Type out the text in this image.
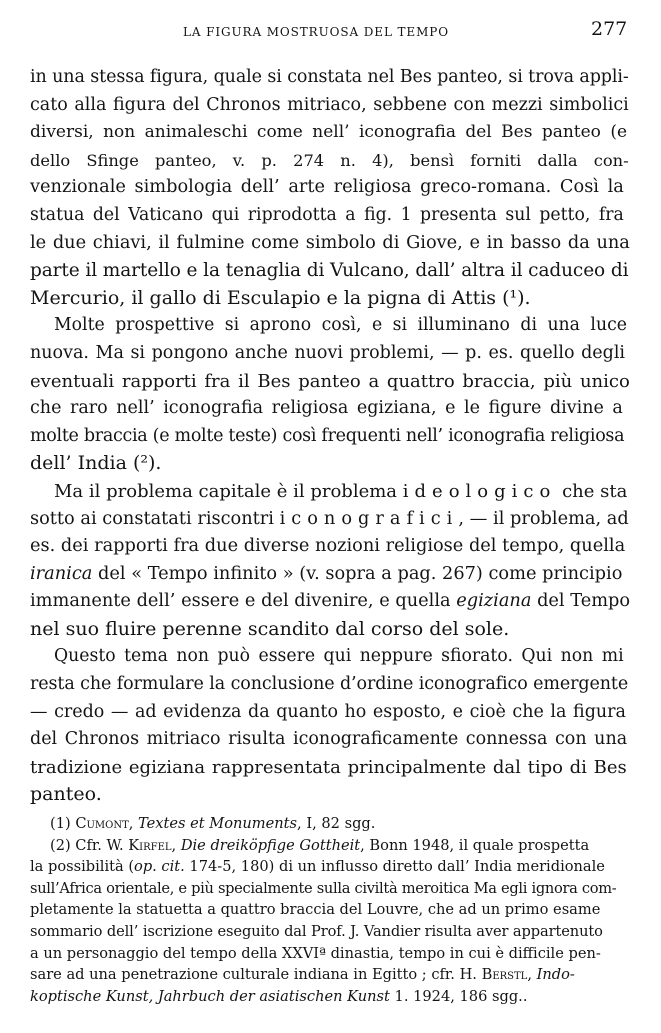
LA FIGURA MOSTRUOSA DEL TEMPO	277
in una stessa figura, quale si constata nel Bes panteo, si trova appli-
cato alla figura del Chronos mitriaco, sebbene con mezzi simbolici
diversi, non animaleschi come nell’ iconografia del Bes panteo (e
dello Sfinge panteo, v. p. 274 n. 4), bensì forniti dalla con-
venzionale simbologia dell’ arte religiosa greco-romana. Così la
statua del Vaticano qui riprodotta a fig. 1 presenta sul petto, fra
le due chiavi, il fulmine come simbolo di Giove, e in basso da una
parte il martello e la tenaglia di Vulcano, dall’ altra il caduceo di
Mercurio, il gallo di Esculapio e la pigna di Attis (¹).
Molte prospettive si aprono così, e si illuminano di una luce
nuova. Ma si pongono anche nuovi problemi, — p. es. quello degli
eventuali rapporti fra il Bes panteo a quattro braccia, più unico
che raro nell’ iconografia religiosa egiziana, e le figure divine a
molte braccia (e molte teste) così frequenti nell’ iconografia religiosa
dell’ India (²).
Ma il problema capitale è il problema ideologico che sta
sotto ai constatati riscontri iconografici, — il problema, ad
es. dei rapporti fra due diverse nozioni religiose del tempo, quella
iranica del « Tempo infinito » (v. sopra a pag. 267) come principio
immanente dell’ essere e del divenire, e quella egiziana del Tempo
nel suo fluire perenne scandito dal corso del sole.
Questo tema non può essere qui neppure sfiorato. Qui non mi
resta che formulare la conclusione d’ordine iconografico emergente
— credo — ad evidenza da quanto ho esposto, e cioè che la figura
del Chronos mitriaco risulta iconograficamente connessa con una
tradizione egiziana rappresentata principalmente dal tipo di Bes
panteo.
(1) Cumont, Textes et Monuments, I, 82 sgg.
(2) Cfr. W. Kirfel, Die dreiköpfige Gottheit, Bonn 1948, il quale prospetta
la possibilità (op. cit. 174-5, 180) di un influsso diretto dall’ India meridionale
sull’Africa orientale, e più specialmente sulla civiltà meroitica Ma egli ignora com-
pletamente la statuetta a quattro braccia del Louvre, che ad un primo esame
sommario dell’ iscrizione eseguito dal Prof. J. Vandier risulta aver appartenuto
a un personaggio del tempo della XXVIª dinastia, tempo in cui è difficile pen-
sare ad una penetrazione culturale indiana in Egitto ; cfr. H. Berstl, Indo-
koptische Kunst, Jahrbuch der asiatischen Kunst 1. 1924, 186 sgg..
